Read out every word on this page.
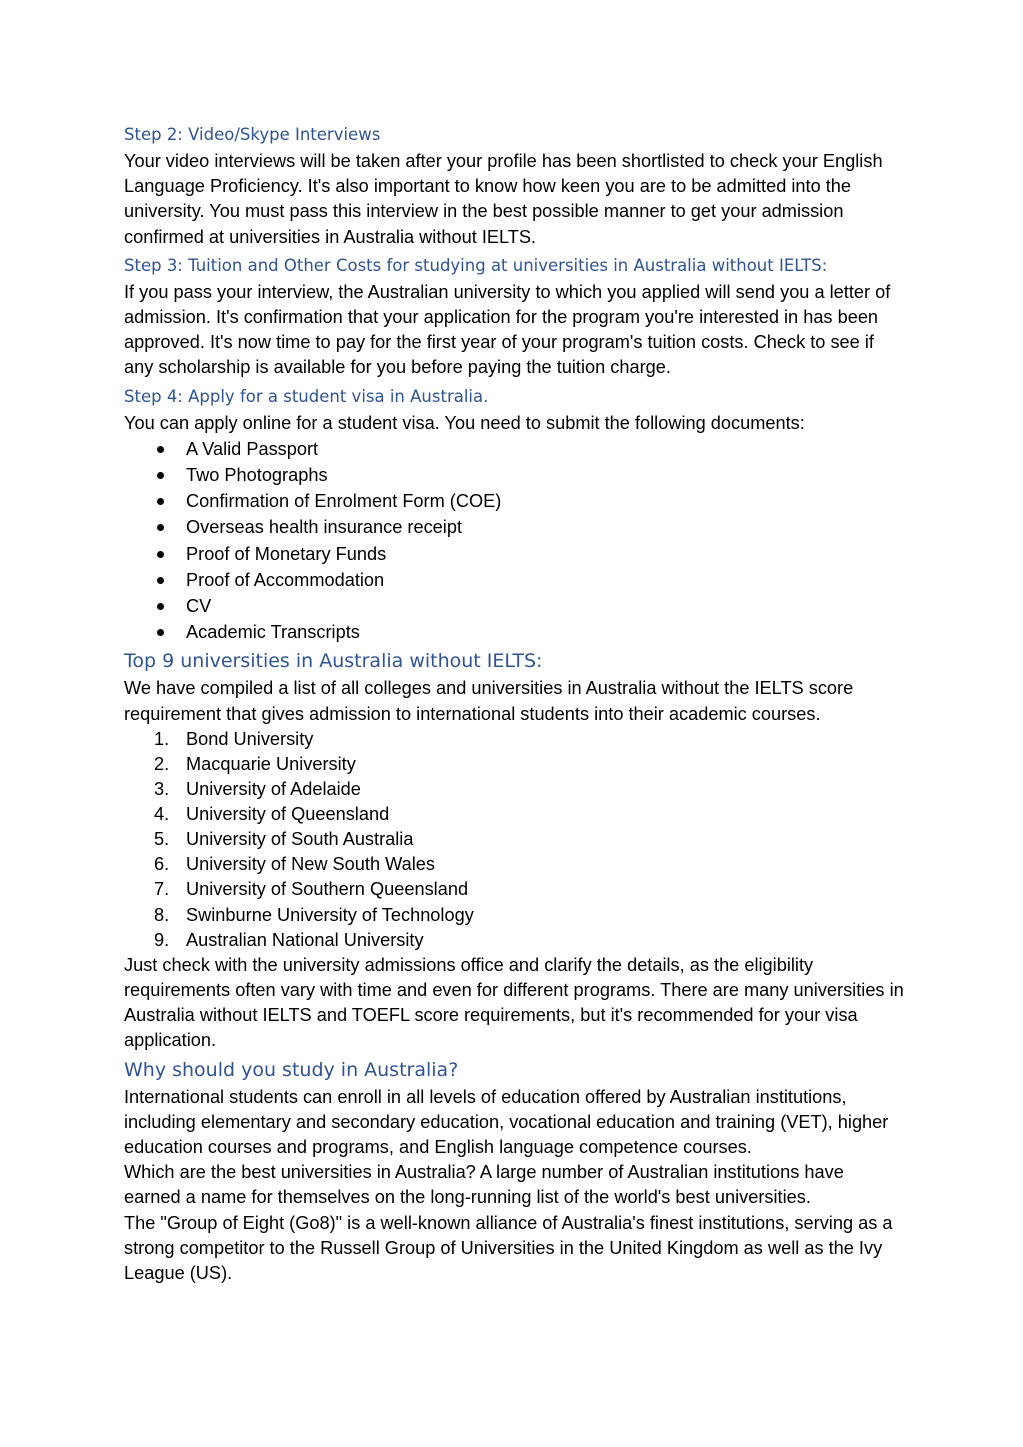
Step 2: Video/Skype Interviews

Your video interviews will be taken after your profile has been shortlisted to check your English Language Proficiency. It's also important to know how keen you are to be admitted into the university. You must pass this interview in the best possible manner to get your admission confirmed at universities in Australia without IELTS.

Step 3: Tuition and Other Costs for studying at universities in Australia without IELTS:

If you pass your interview, the Australian university to which you applied will send you a letter of admission. It's confirmation that your application for the program you're interested in has been approved. It's now time to pay for the first year of your program's tuition costs. Check to see if any scholarship is available for you before paying the tuition charge.

Step 4: Apply for a student visa in Australia.

You can apply online for a student visa. You need to submit the following documents:

A Valid Passport
Two Photographs
Confirmation of Enrolment Form (COE)
Overseas health insurance receipt
Proof of Monetary Funds
Proof of Accommodation
CV
Academic Transcripts
Top 9 universities in Australia without IELTS:

We have compiled a list of all colleges and universities in Australia without the IELTS score requirement that gives admission to international students into their academic courses.

1. Bond University
2. Macquarie University
3. University of Adelaide
4. University of Queensland
5. University of South Australia
6. University of New South Wales
7. University of Southern Queensland
8. Swinburne University of Technology
9. Australian National University

Just check with the university admissions office and clarify the details, as the eligibility requirements often vary with time and even for different programs. There are many universities in Australia without IELTS and TOEFL score requirements, but it's recommended for your visa application.

Why should you study in Australia?

International students can enroll in all levels of education offered by Australian institutions, including elementary and secondary education, vocational education and training (VET), higher education courses and programs, and English language competence courses.

Which are the best universities in Australia? A large number of Australian institutions have earned a name for themselves on the long-running list of the world's best universities.

The "Group of Eight (Go8)" is a well-known alliance of Australia's finest institutions, serving as a strong competitor to the Russell Group of Universities in the United Kingdom as well as the Ivy League (US).
